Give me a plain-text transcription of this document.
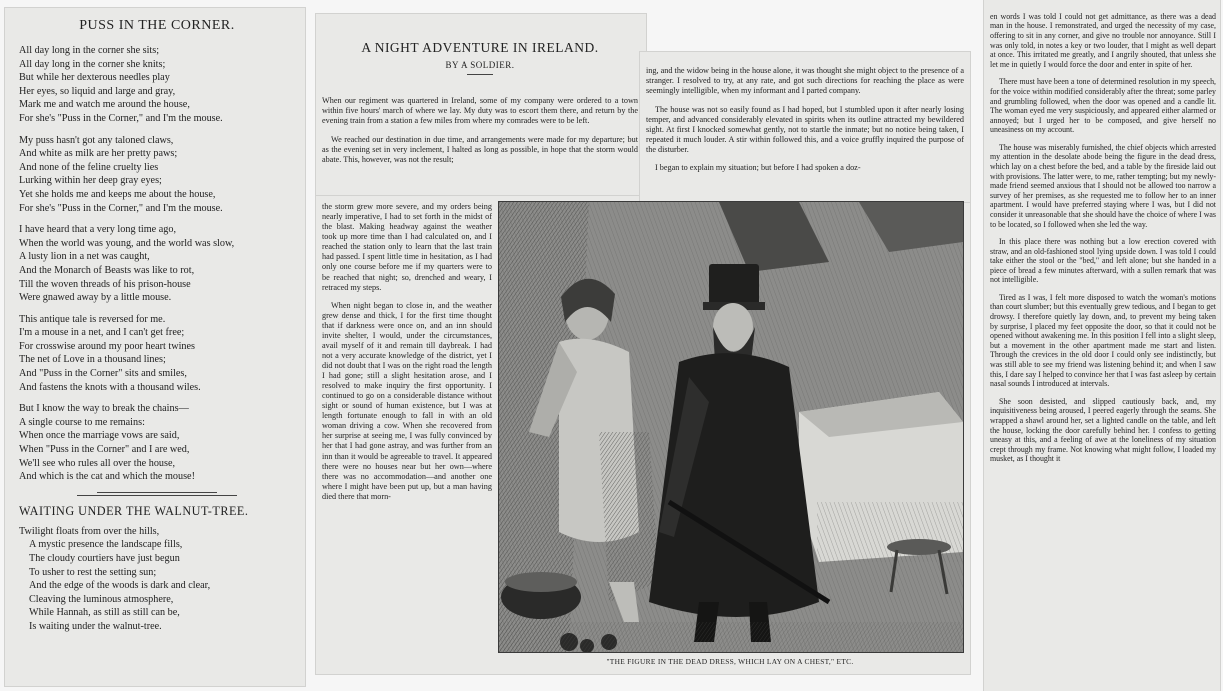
PUSS IN THE CORNER.
All day long in the corner she sits;
All day long in the corner she knits;
But while her dexterous needles play
Her eyes, so liquid and large and gray,
Mark me and watch me around the house,
For she's "Puss in the Corner," and I'm the mouse.
My puss hasn't got any taloned claws,
And white as milk are her pretty paws;
And none of the feline cruelty lies
Lurking within her deep gray eyes;
Yet she holds me and keeps me about the house,
For she's "Puss in the Corner," and I'm the mouse.
I have heard that a very long time ago,
When the world was young, and the world was slow,
A lusty lion in a net was caught,
And the Monarch of Beasts was like to rot,
Till the woven threads of his prison-house
Were gnawed away by a little mouse.
This antique tale is reversed for me.
I'm a mouse in a net, and I can't get free;
For crosswise around my poor heart twines
The net of Love in a thousand lines;
And "Puss in the Corner" sits and smiles,
And fastens the knots with a thousand wiles.
But I know the way to break the chains—
A single course to me remains:
When once the marriage vows are said,
When "Puss in the Corner" and I are wed,
We'll see who rules all over the house,
And which is the cat and which the mouse!
WAITING UNDER THE WALNUT-TREE.
Twilight floats from over the hills,
A mystic presence the landscape fills,
The cloudy courtiers have just begun
To usher to rest the setting sun;
And the edge of the woods is dark and clear,
Cleaving the luminous atmosphere,
While Hannah, as still as still can be,
Is waiting under the walnut-tree.
A NIGHT ADVENTURE IN IRELAND.
BY A SOLDIER.

When our regiment was quartered in Ireland, some of my company were ordered to a town within five hours' march of where we lay. My duty was to escort them there, and return by the evening train from a station a few miles from where my comrades were to be left.

We reached our destination in due time, and arrangements were made for my departure; but as the evening set in very inclement, I halted as long as possible, in hope that the storm would abate. This, however, was not the result;

the storm grew more severe, and my orders being nearly imperative, I had to set forth in the midst of the blast. Making headway against the weather took up more time than I had calculated on, and I reached the station only to learn that the last train had passed. I spent little time in hesitation, as I had only one course before me if my quarters were to be reached that night; so, drenched and weary, I retraced my steps.

When night began to close in, and the weather grew dense and thick, I for the first time thought that if darkness were once on, and an inn should invite shelter, I would, under the circumstances, avail myself of it and remain till daybreak. I had not a very accurate knowledge of the district, yet I did not doubt that I was on the right road the length I had gone; still a slight hesitation arose, and I resolved to make inquiry the first opportunity. I continued to go on a considerable distance without sight or sound of human existence, but I was at length fortunate enough to fall in with an old woman driving a cow. When she recovered from her surprise at seeing me, I was fully convinced by her that I had gone astray, and was further from an inn than it would be agreeable to travel. It appeared there were no houses near but her own—where there was no accommodation—and another one where I might have been put up, but a man having died there that morn-

ing, and the widow being in the house alone, it was thought she might object to the presence of a stranger. I resolved to try, at any rate, and got such directions for reaching the place as were seemingly intelligible, when my informant and I parted company.

The house was not so easily found as I had hoped, but I stumbled upon it after nearly losing temper, and advanced considerably elevated in spirits when its outline attracted my bewildered sight. At first I knocked somewhat gently, not to startle the inmate; but no notice being taken, I repeated it much louder. A stir within followed this, and a voice gruffly inquired the purpose of the disturber.

I began to explain my situation; but before I had spoken a doz-

"THE FIGURE IN THE DEAD DRESS, WHICH LAY ON A CHEST," ETC.

en words I was told I could not get admittance, as there was a dead man in the house. I remonstrated, and urged the necessity of my case, offering to sit in any corner, and give no trouble nor annoyance. Still I was only told, in notes a key or two louder, that I might as well depart at once. This irritated me greatly, and I angrily shouted, that unless she let me in quietly I would force the door and enter in spite of her.

There must have been a tone of determined resolution in my speech, for the voice within modified considerably after the threat; some parley and grumbling followed, when the door was opened and a candle lit. The woman eyed me very suspiciously, and appeared either alarmed or annoyed; but I urged her to be composed, and give herself no uneasiness on my account.

The house was miserably furnished, the chief objects which arrested my attention in the desolate abode being the figure in the dead dress, which lay on a chest before the bed, and a table by the fireside laid out with provisions. The latter were, to me, rather tempting; but my newly-made friend seemed anxious that I should not be allowed too narrow a survey of her premises, as she requested me to follow her to an inner apartment. I would have preferred staying where I was, but I did not consider it unreasonable that she should have the choice of where I was to be located, so I followed when she led the way.

In this place there was nothing but a low erection covered with straw, and an old-fashioned stool lying upside down. I was told I could take either the stool or the "bed," and left alone; but she handed in a piece of bread a few minutes afterward, with a sullen remark that was not intelligible.

Tired as I was, I felt more disposed to watch the woman's motions than court slumber; but this eventually grew tedious, and I began to get drowsy. I therefore quietly lay down, and, to prevent my being taken by surprise, I placed my feet opposite the door, so that it could not be opened without awakening me. In this position I fell into a slight sleep, but a movement in the other apartment made me start and listen. Through the crevices in the old door I could only see indistinctly, but was still able to see my friend was listening behind it; and when I saw this, I dare say I helped to convince her that I was fast asleep by certain nasal sounds I introduced at intervals.

She soon desisted, and slipped cautiously back, and, my inquisitiveness being aroused, I peered eagerly through the seams. She wrapped a shawl around her, set a lighted candle on the table, and left the house, locking the door carefully behind her. I confess to getting uneasy at this, and a feeling of awe at the loneliness of my situation crept through my frame. Not knowing what might follow, I loaded my musket, as I thought it
